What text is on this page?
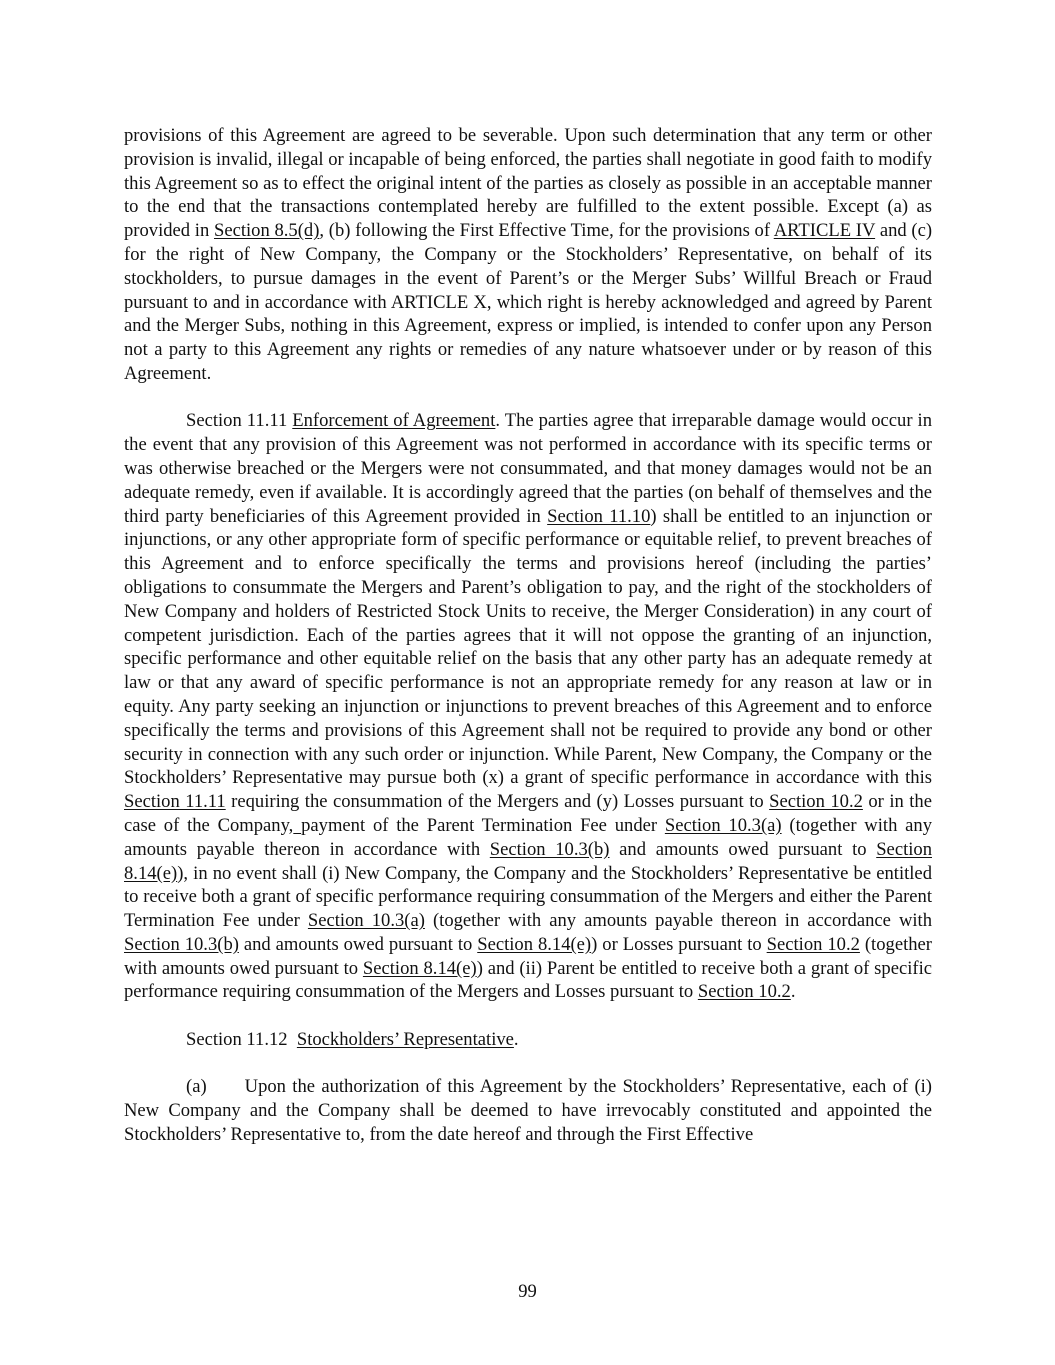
provisions of this Agreement are agreed to be severable. Upon such determination that any term or other provision is invalid, illegal or incapable of being enforced, the parties shall negotiate in good faith to modify this Agreement so as to effect the original intent of the parties as closely as possible in an acceptable manner to the end that the transactions contemplated hereby are fulfilled to the extent possible. Except (a) as provided in Section 8.5(d), (b) following the First Effective Time, for the provisions of ARTICLE IV and (c) for the right of New Company, the Company or the Stockholders’ Representative, on behalf of its stockholders, to pursue damages in the event of Parent’s or the Merger Subs’ Willful Breach or Fraud pursuant to and in accordance with ARTICLE X, which right is hereby acknowledged and agreed by Parent and the Merger Subs, nothing in this Agreement, express or implied, is intended to confer upon any Person not a party to this Agreement any rights or remedies of any nature whatsoever under or by reason of this Agreement.

Section 11.11 Enforcement of Agreement. The parties agree that irreparable damage would occur in the event that any provision of this Agreement was not performed in accordance with its specific terms or was otherwise breached or the Mergers were not consummated, and that money damages would not be an adequate remedy, even if available. It is accordingly agreed that the parties (on behalf of themselves and the third party beneficiaries of this Agreement provided in Section 11.10) shall be entitled to an injunction or injunctions, or any other appropriate form of specific performance or equitable relief, to prevent breaches of this Agreement and to enforce specifically the terms and provisions hereof (including the parties’ obligations to consummate the Mergers and Parent’s obligation to pay, and the right of the stockholders of New Company and holders of Restricted Stock Units to receive, the Merger Consideration) in any court of competent jurisdiction. Each of the parties agrees that it will not oppose the granting of an injunction, specific performance and other equitable relief on the basis that any other party has an adequate remedy at law or that any award of specific performance is not an appropriate remedy for any reason at law or in equity. Any party seeking an injunction or injunctions to prevent breaches of this Agreement and to enforce specifically the terms and provisions of this Agreement shall not be required to provide any bond or other security in connection with any such order or injunction. While Parent, New Company, the Company or the Stockholders’ Representative may pursue both (x) a grant of specific performance in accordance with this Section 11.11 requiring the consummation of the Mergers and (y) Losses pursuant to Section 10.2 or in the case of the Company, payment of the Parent Termination Fee under Section 10.3(a) (together with any amounts payable thereon in accordance with Section 10.3(b) and amounts owed pursuant to Section 8.14(e)), in no event shall (i) New Company, the Company and the Stockholders’ Representative be entitled to receive both a grant of specific performance requiring consummation of the Mergers and either the Parent Termination Fee under Section 10.3(a) (together with any amounts payable thereon in accordance with Section 10.3(b) and amounts owed pursuant to Section 8.14(e)) or Losses pursuant to Section 10.2 (together with amounts owed pursuant to Section 8.14(e)) and (ii) Parent be entitled to receive both a grant of specific performance requiring consummation of the Mergers and Losses pursuant to Section 10.2.

Section 11.12  Stockholders’ Representative.

(a) Upon the authorization of this Agreement by the Stockholders’ Representative, each of (i) New Company and the Company shall be deemed to have irrevocably constituted and appointed the Stockholders’ Representative to, from the date hereof and through the First Effective

99
